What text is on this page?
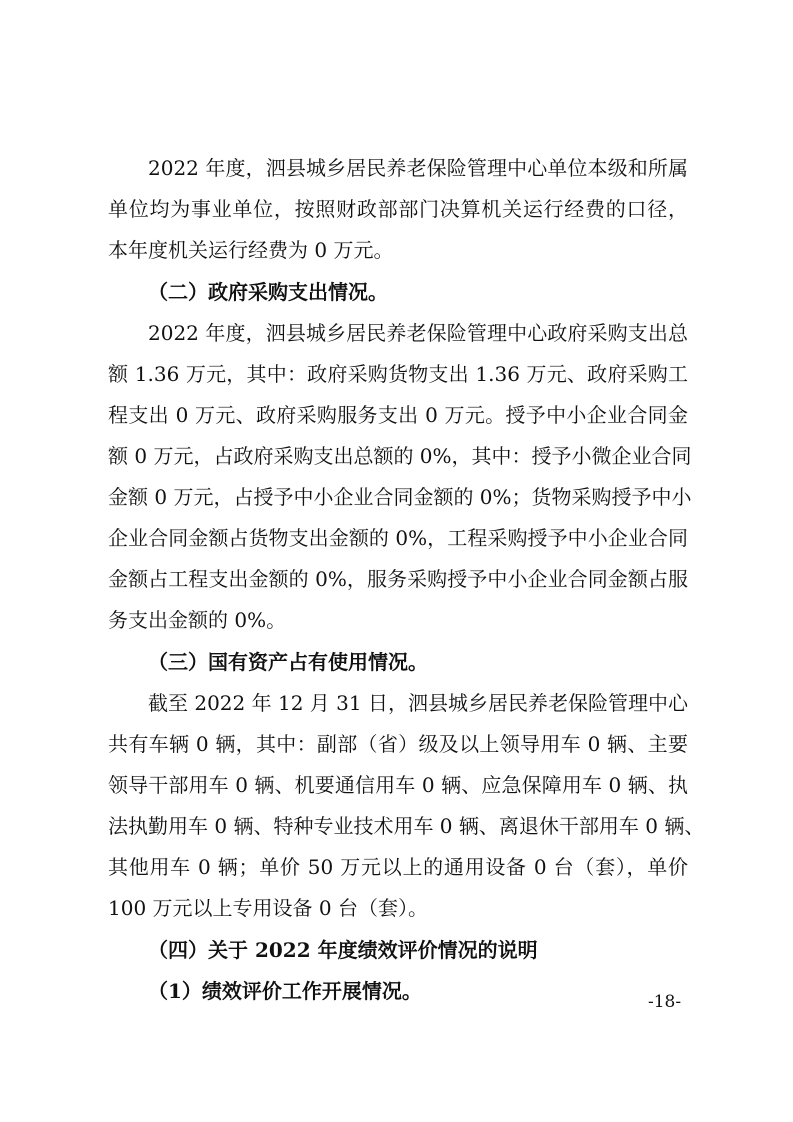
2022 年度，泗县城乡居民养老保险管理中心单位本级和所属
单位均为事业单位，按照财政部部门决算机关运行经费的口径，
本年度机关运行经费为 0 万元。
（二）政府采购支出情况。
2022 年度，泗县城乡居民养老保险管理中心政府采购支出总
额 1.36 万元，其中：政府采购货物支出 1.36 万元、政府采购工
程支出 0 万元、政府采购服务支出 0 万元。授予中小企业合同金
额 0 万元，占政府采购支出总额的 0%，其中：授予小微企业合同
金额 0 万元，占授予中小企业合同金额的 0%；货物采购授予中小
企业合同金额占货物支出金额的 0%，工程采购授予中小企业合同
金额占工程支出金额的 0%，服务采购授予中小企业合同金额占服
务支出金额的 0%。
（三）国有资产占有使用情况。
截至 2022 年 12 月 31 日，泗县城乡居民养老保险管理中心
共有车辆 0 辆，其中：副部（省）级及以上领导用车 0 辆、主要
领导干部用车 0 辆、机要通信用车 0 辆、应急保障用车 0 辆、执
法执勤用车 0 辆、特种专业技术用车 0 辆、离退休干部用车 0 辆、
其他用车 0 辆；单价 50 万元以上的通用设备 0 台（套），单价
100 万元以上专用设备 0 台（套）。
（四）关于 2022 年度绩效评价情况的说明
（1）绩效评价工作开展情况。	-18-
